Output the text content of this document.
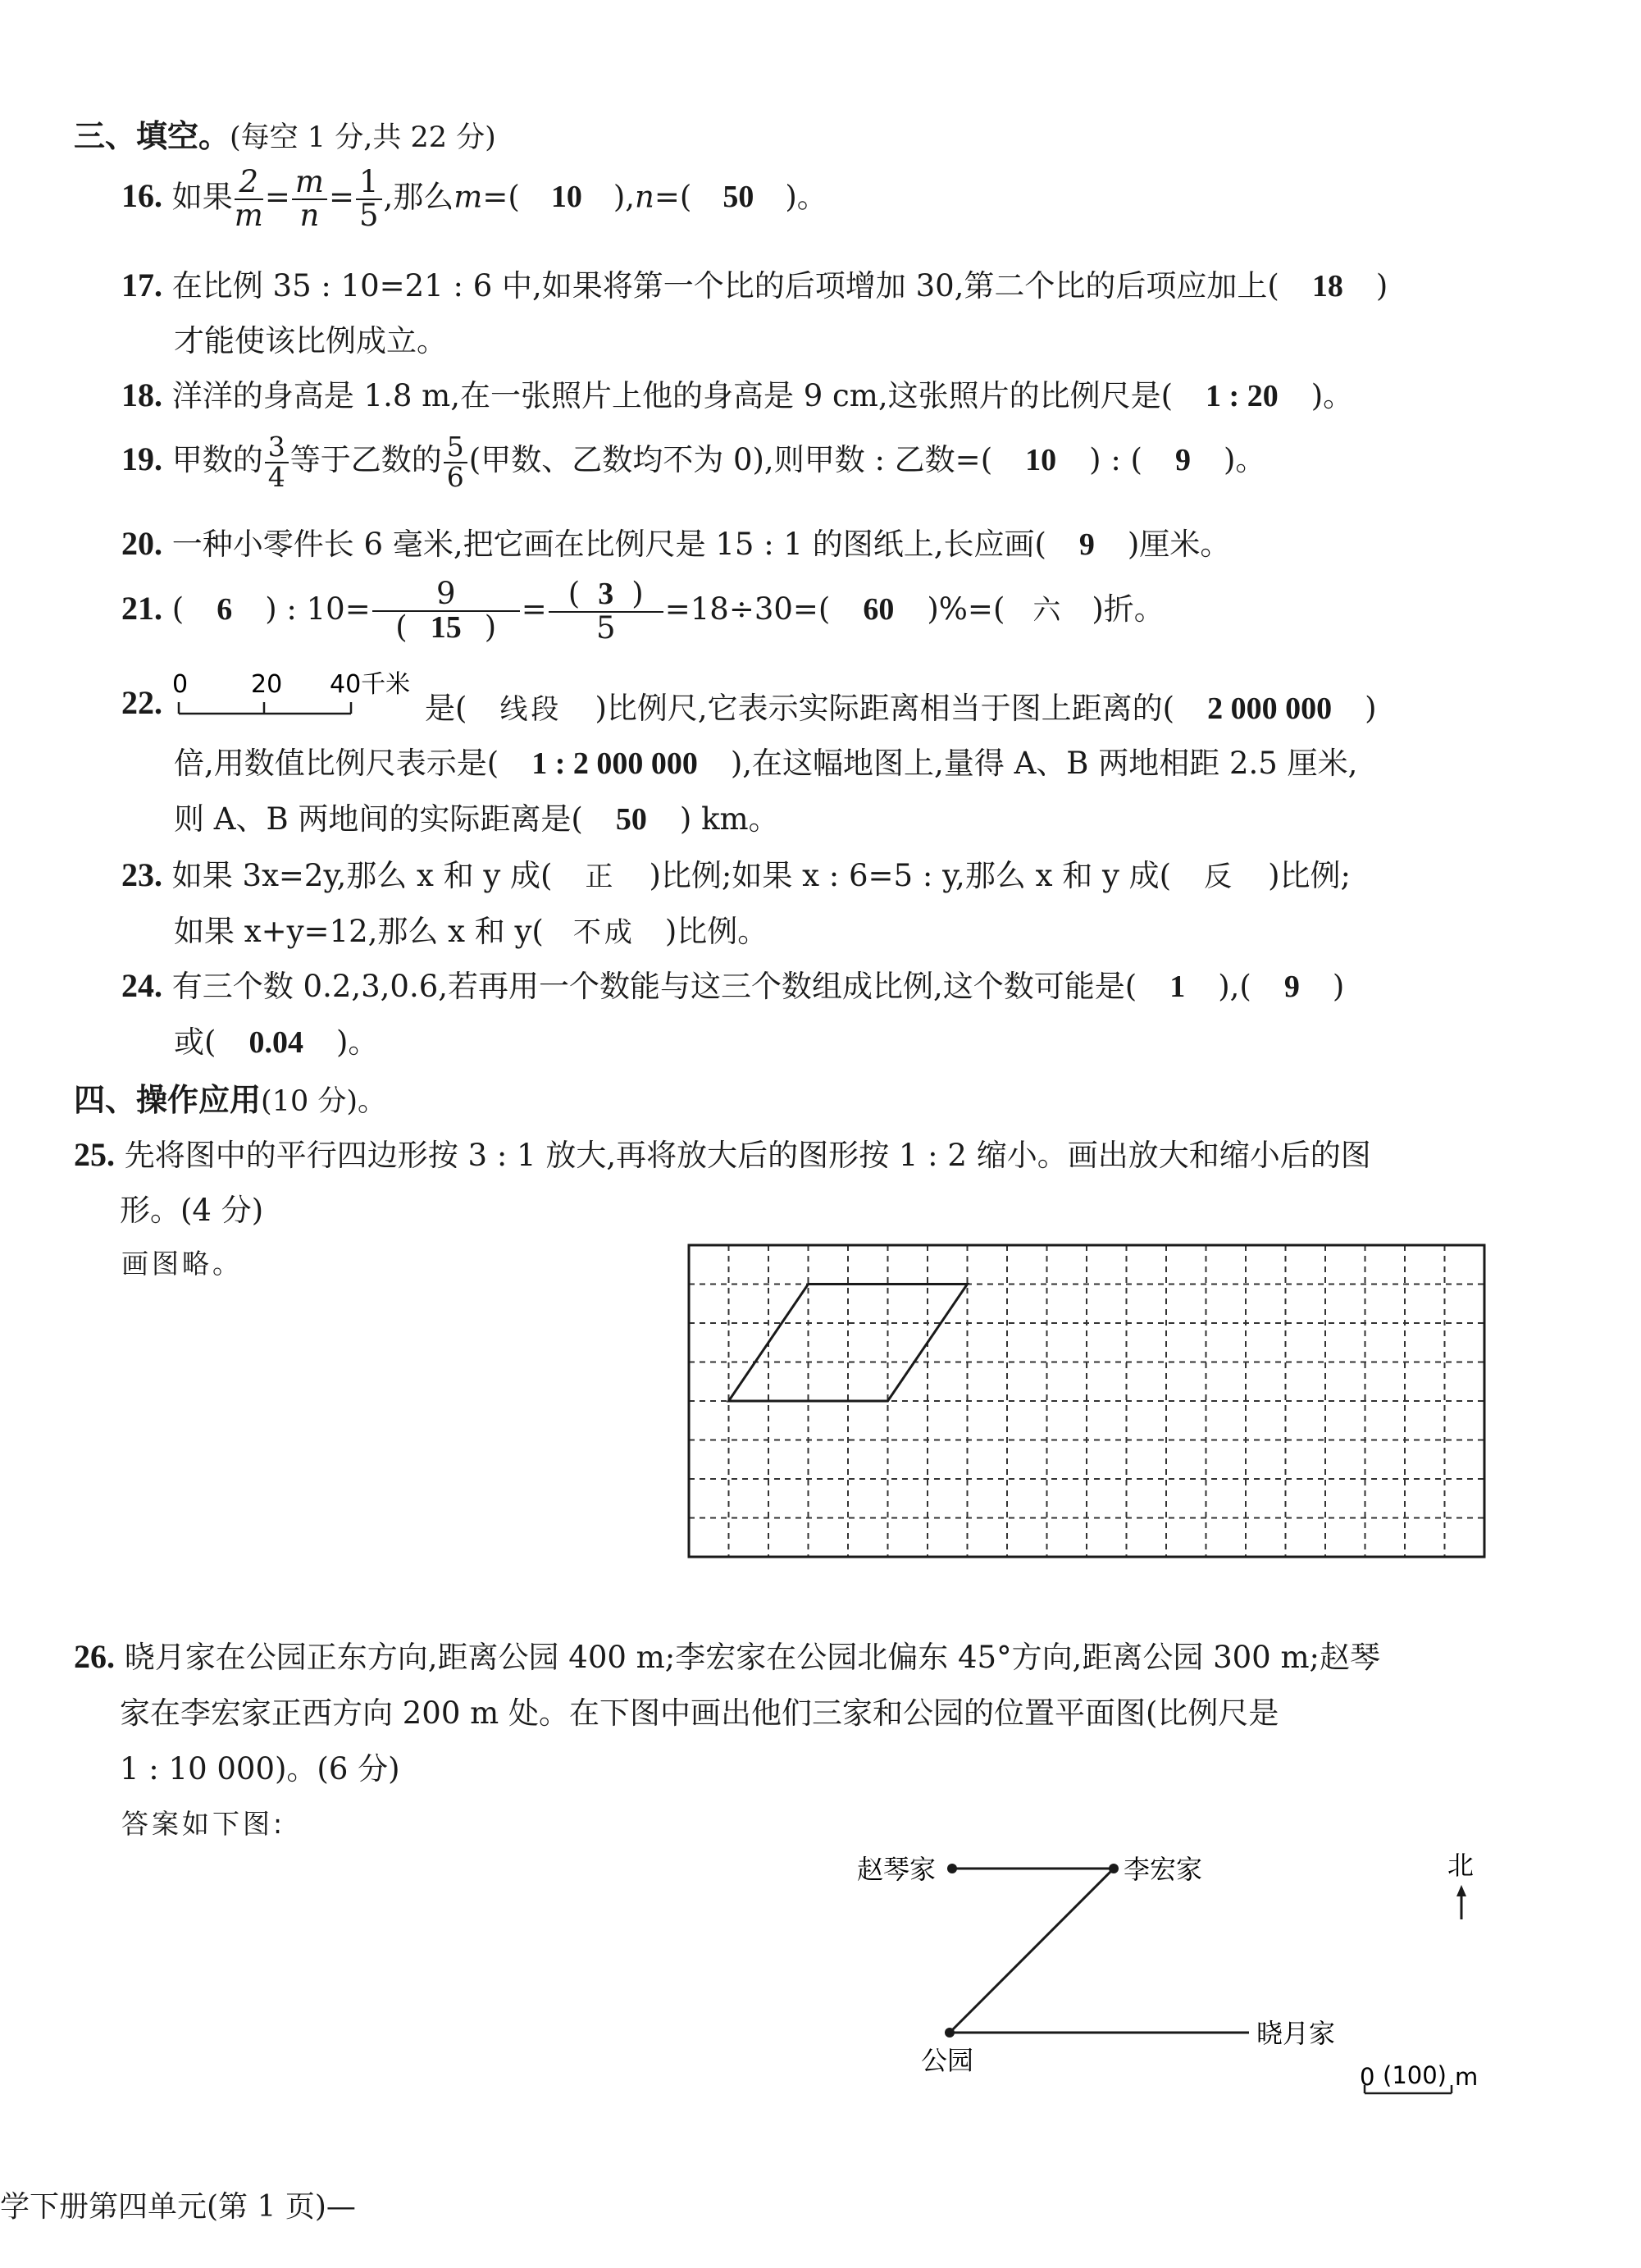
三、填空。(每空 1 分,共 22 分)
16. 如果 $\frac{2}{m} = \frac{m}{n} = \frac{1}{5}$ ,那么m=( 10 ),n=( 50 )。
17. 在比例 35 : 10=21 : 6 中,如果将第一个比的后项增加 30,第二个比的后项应加上( 18 )
才能使该比例成立。
18. 洋洋的身高是 1.8 m,在一张照片上他的身高是 9 cm,这张照片的比例尺是( 1 : 20 )。
19. 甲数的 $\frac{3}{4}$ 等于乙数的 $\frac{5}{6}$ (甲数、乙数均不为 0),则甲数 : 乙数=( 10 ) : ( 9 )。
20. 一种小零件长 6 毫米,把它画在比例尺是 15 : 1 的图纸上,长应画( 9 )厘米。
21. ( 6 ) : $10= \frac{9}{( 15 )} = \frac{( 3 )}{5} =18\div 30=$( 60 )%=( 六 )折。
22. 0	20 40千米
是( 线段 )比例尺,它表示实际距离相当于图上距离的( 2 000 000 )
倍,用数值比例尺表示是( 1 : 2 000 000 ),在这幅地图上,量得 A、B 两地相距 2.5 厘米,
则 A、B 两地间的实际距离是( 50 ) km。
23. 如果 3x=2y,那么 x 和 y 成( 正 )比例;如果 x : 6=5 : y,那么 x 和 y 成( 反 )比例;
如果 x+y=12,那么 x 和 y( 不成 )比例。
24. 有三个数 0.2,3,0.6,若再用一个数能与这三个数组成比例,这个数可能是( 1 ),( 9 )
或( 0.04 )。
四、操作应用(10 分)。
25. 先将图中的平行四边形按 3 : 1 放大,再将放大后的图形按 1 : 2 缩小。画出放大和缩小后的图
形。(4 分)
画图略。
26. 晓月家在公园正东方向,距离公园 400 m;李宏家在公园北偏东 45°方向,距离公园 300 m;赵琴
家在李宏家正西方向 200 m 处。在下图中画出他们三家和公园的位置平面图(比例尺是
1 : 10 000)。(6 分)
答案如下图:
赵琴家	李宏家
公园
晓月家
北
0 (100) m
学下册第四单元(第 1 页)—
